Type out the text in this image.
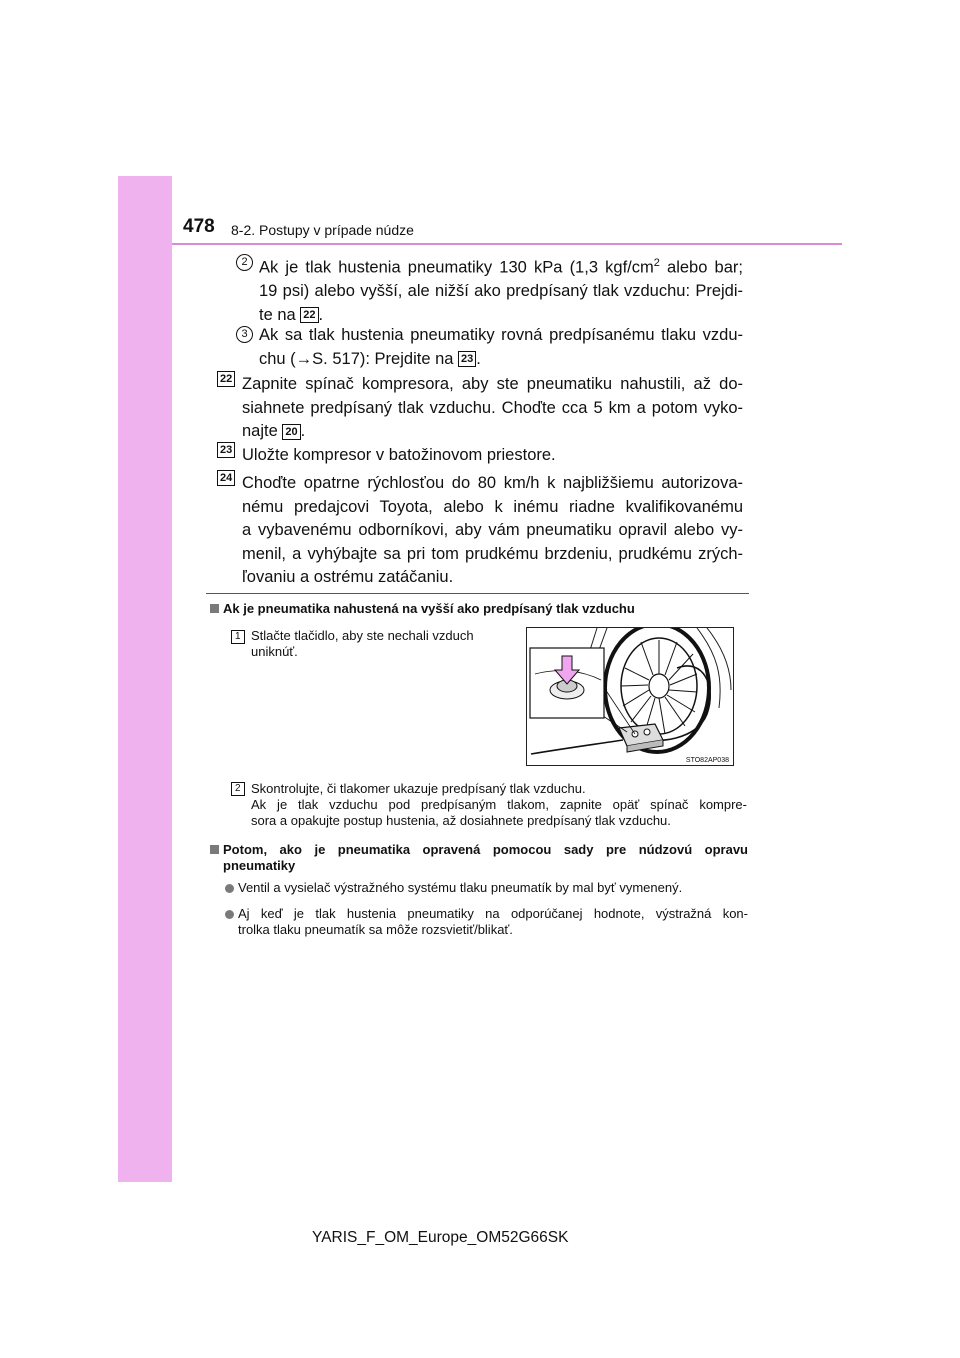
478 8-2. Postupy v prípade núdze
2 Ak je tlak hustenia pneumatiky 130 kPa (1,3 kgf/$cm^2$ alebo bar;
19 psi) alebo vyšší, ale nižší ako predpísaný tlak vzduchu: Prejdi-
te na 22 .
3 Ak sa tlak hustenia pneumatiky rovná predpísanému tlaku vzdu-
chu (→S. 517): Prejdite na 23 .
22 Zapnite spínač kompresora, aby ste pneumatiku nahustili, až do-
siahnete predpísaný tlak vzduchu. Choďte cca 5 km a potom vyko-
najte 20 .
23 Uložte kompresor v batožinovom priestore.
24 Choďte opatrne rýchlosťou do 80 km/h k najbližšiemu autorizova-
nému predajcovi Toyota, alebo k inému riadne kvalifikovanému
a vybavenému odborníkovi, aby vám pneumatiku opravil alebo vy-
menil, a vyhýbajte sa pri tom prudkému brzdeniu, prudkému zrých-
ľovaniu a ostrému zatáčaniu.
Ak je pneumatika nahustená na vyšší ako predpísaný tlak vzduchu
1 Stlačte tlačidlo, aby ste nechali vzduch
uniknúť.
STO82AP038
2 Skontrolujte, či tlakomer ukazuje predpísaný tlak vzduchu.
Ak je tlak vzduchu pod predpísaným tlakom, zapnite opäť spínač kompre-
sora a opakujte postup hustenia, až dosiahnete predpísaný tlak vzduchu.
Potom, ako je pneumatika opravená pomocou sady pre núdzovú opravu
pneumatiky
Ventil a vysielač výstražného systému tlaku pneumatík by mal byť vymenený.
Aj keď je tlak hustenia pneumatiky na odporúčanej hodnote, výstražná kon-
trolka tlaku pneumatík sa môže rozsvietiť/blikať.
YARIS_F_OM_Europe_OM52G66SK
